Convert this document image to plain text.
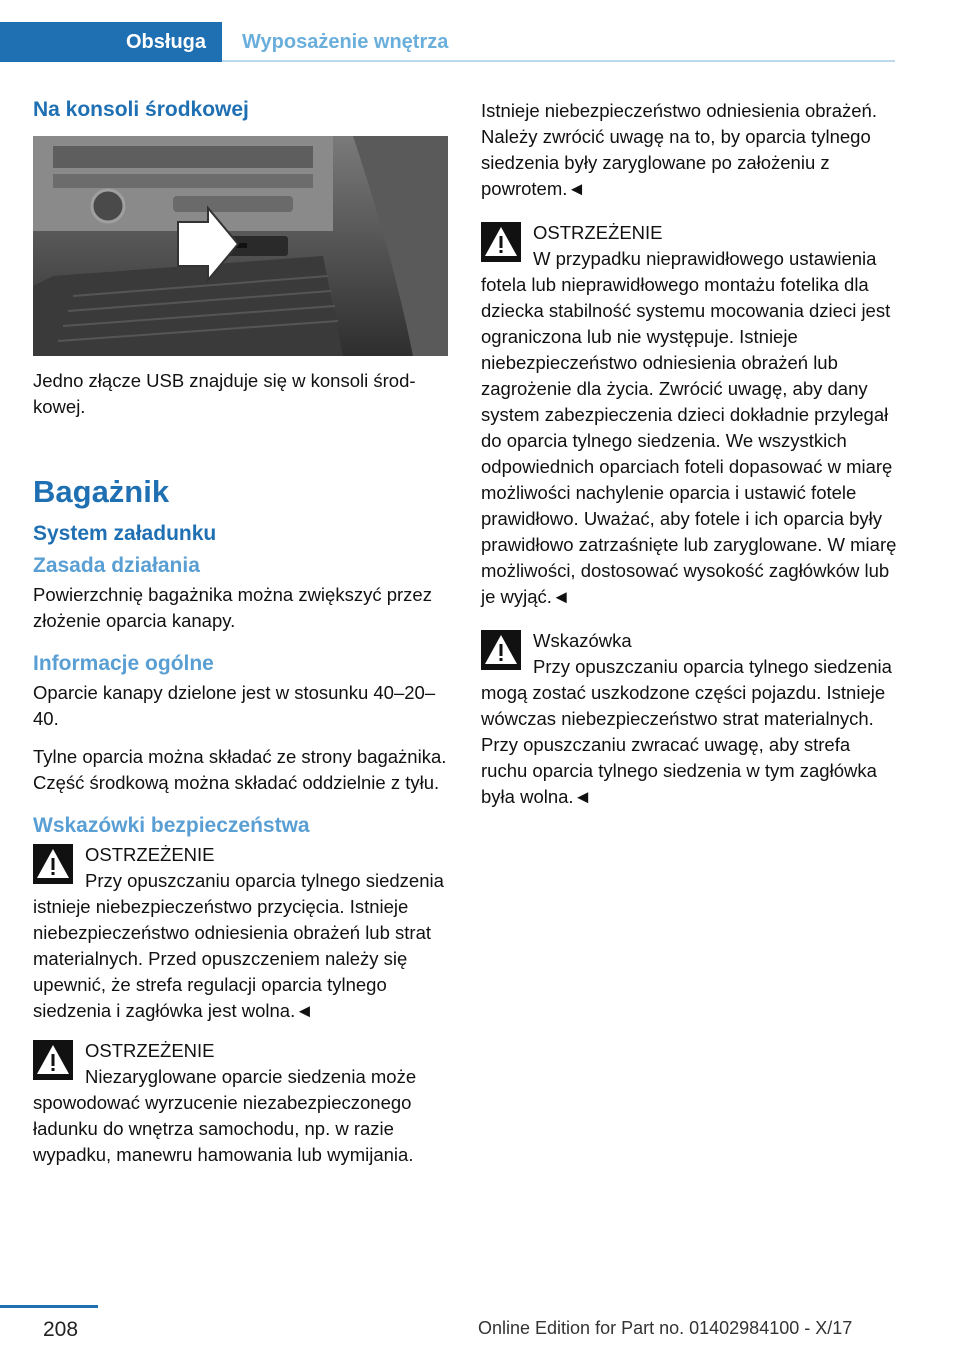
Obsługa	Wyposażenie wnętrza
Na konsoli środkowej

Jedno złącze USB znajduje się w konsoli środkowej.

Bagażnik
System załadunku
Zasada działania

Powierzchnię bagażnika można zwiększyć przez złożenie oparcia kanapy.

Informacje ogólne

Oparcie kanapy dzielone jest w stosunku 40–20–40.

Tylne oparcia można składać ze strony bagażnika. Część środkową można składać oddzielnie z tyłu.

Wskazówki bezpieczeństwa
OSTRZEŻENIE
Przy opuszczaniu oparcia tylnego siedzenia istnieje niebezpieczeństwo przycięcia. Istnieje niebezpieczeństwo odniesienia obrażeń lub strat materialnych. Przed opuszczeniem należy się upewnić, że strefa regulacji oparcia tylnego siedzenia i zagłówka jest wolna.◄
OSTRZEŻENIE
Niezaryglowane oparcie siedzenia może spowodować wyrzucenie niezabezpieczonego ładunku do wnętrza samochodu, np. w razie wypadku, manewru hamowania lub wymijania.

Istnieje niebezpieczeństwo odniesienia obrażeń. Należy zwrócić uwagę na to, by oparcia tylnego siedzenia były zaryglowane po założeniu z powrotem.◄

OSTRZEŻENIE
W przypadku nieprawidłowego ustawienia fotela lub nieprawidłowego montażu fotelika dla dziecka stabilność systemu mocowania dzieci jest ograniczona lub nie występuje. Istnieje niebezpieczeństwo odniesienia obrażeń lub zagrożenie dla życia. Zwrócić uwagę, aby dany system zabezpieczenia dzieci dokładnie przylegał do oparcia tylnego siedzenia. We wszystkich odpowiednich oparciach foteli dopasować w miarę możliwości nachylenie oparcia i ustawić fotele prawidłowo. Uważać, aby fotele i ich oparcia były prawidłowo zatrzaśnięte lub zaryglowane. W miarę możliwości, dostosować wysokość zagłówków lub je wyjąć.◄
Wskazówka
Przy opuszczaniu oparcia tylnego siedzenia mogą zostać uszkodzone części pojazdu. Istnieje wówczas niebezpieczeństwo strat materialnych. Przy opuszczaniu zwracać uwagę, aby strefa ruchu oparcia tylnego siedzenia w tym zagłówka była wolna.◄
208	Online Edition for Part no. 01402984100 - X/17
